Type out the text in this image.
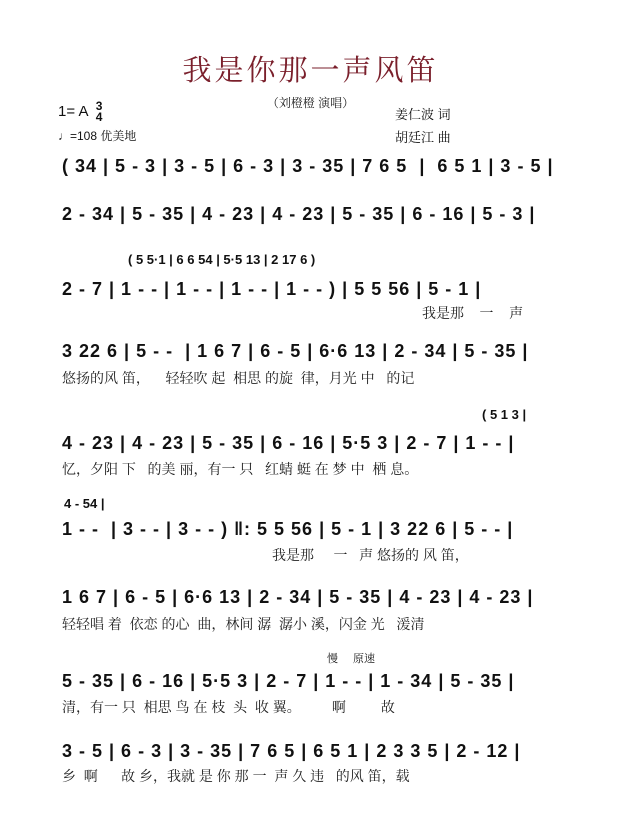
我是你那一声风笛
（刘橙橙 演唱）
1= A 3
4
♩=108 优美地
姜仁波 词
胡廷江 曲
( 34 | 5 - 3 | 3 - 5 | 6 - 3 | 3 - 35 | 7 6 5  |  6 5 1 | 3 - 5 |
2 - 34 | 5 - 35 | 4 - 23 | 4 - 23 | 5 - 35 | 6 - 16 | 5 - 3 |
( 5 5·1 | 6 6 54 | 5·5 13 | 2 17 6 )
2 - 7 | 1 - - | 1 - - | 1 - - | 1 - - ) | 5 5 56 | 5 - 1 |
我是那    一    声
3 22 6 | 5 - -  | 1 6 7 | 6 - 5 | 6·6 13 | 2 - 34 | 5 - 35 |
悠扬的风 笛，    轻轻吹 起  相思 的旋  律，月光 中   的记
( 5 1 3 |
4 - 23 | 4 - 23 | 5 - 35 | 6 - 16 | 5·5 3 | 2 - 7 | 1 - - |
忆，夕阳 下   的美 丽，有一 只   红蜻 蜓 在 梦 中  栖 息。
4 - 54 |
1 - -  | 3 - - | 3 - - ) ‖: 5 5 56 | 5 - 1 | 3 22 6 | 5 - - |
我是那     一   声 悠扬的 风 笛，
1 6 7 | 6 - 5 | 6·6 13 | 2 - 34 | 5 - 35 | 4 - 23 | 4 - 23 |
轻轻唱 着  依恋 的心  曲，林间 潺  潺小 溪，闪金 光   湲清
慢 原速
5 - 35 | 6 - 16 | 5·5 3 | 2 - 7 | 1 - - | 1 - 34 | 5 - 35 |
清，有一 只  相思 鸟 在 枝  头  收 翼。        啊         故
3 - 5 | 6 - 3 | 3 - 35 | 7 6 5 | 6 5 1 | 2 3 3 5 | 2 - 12 |
乡  啊      故 乡，我就 是 你 那 一  声 久 违   的风 笛，载
